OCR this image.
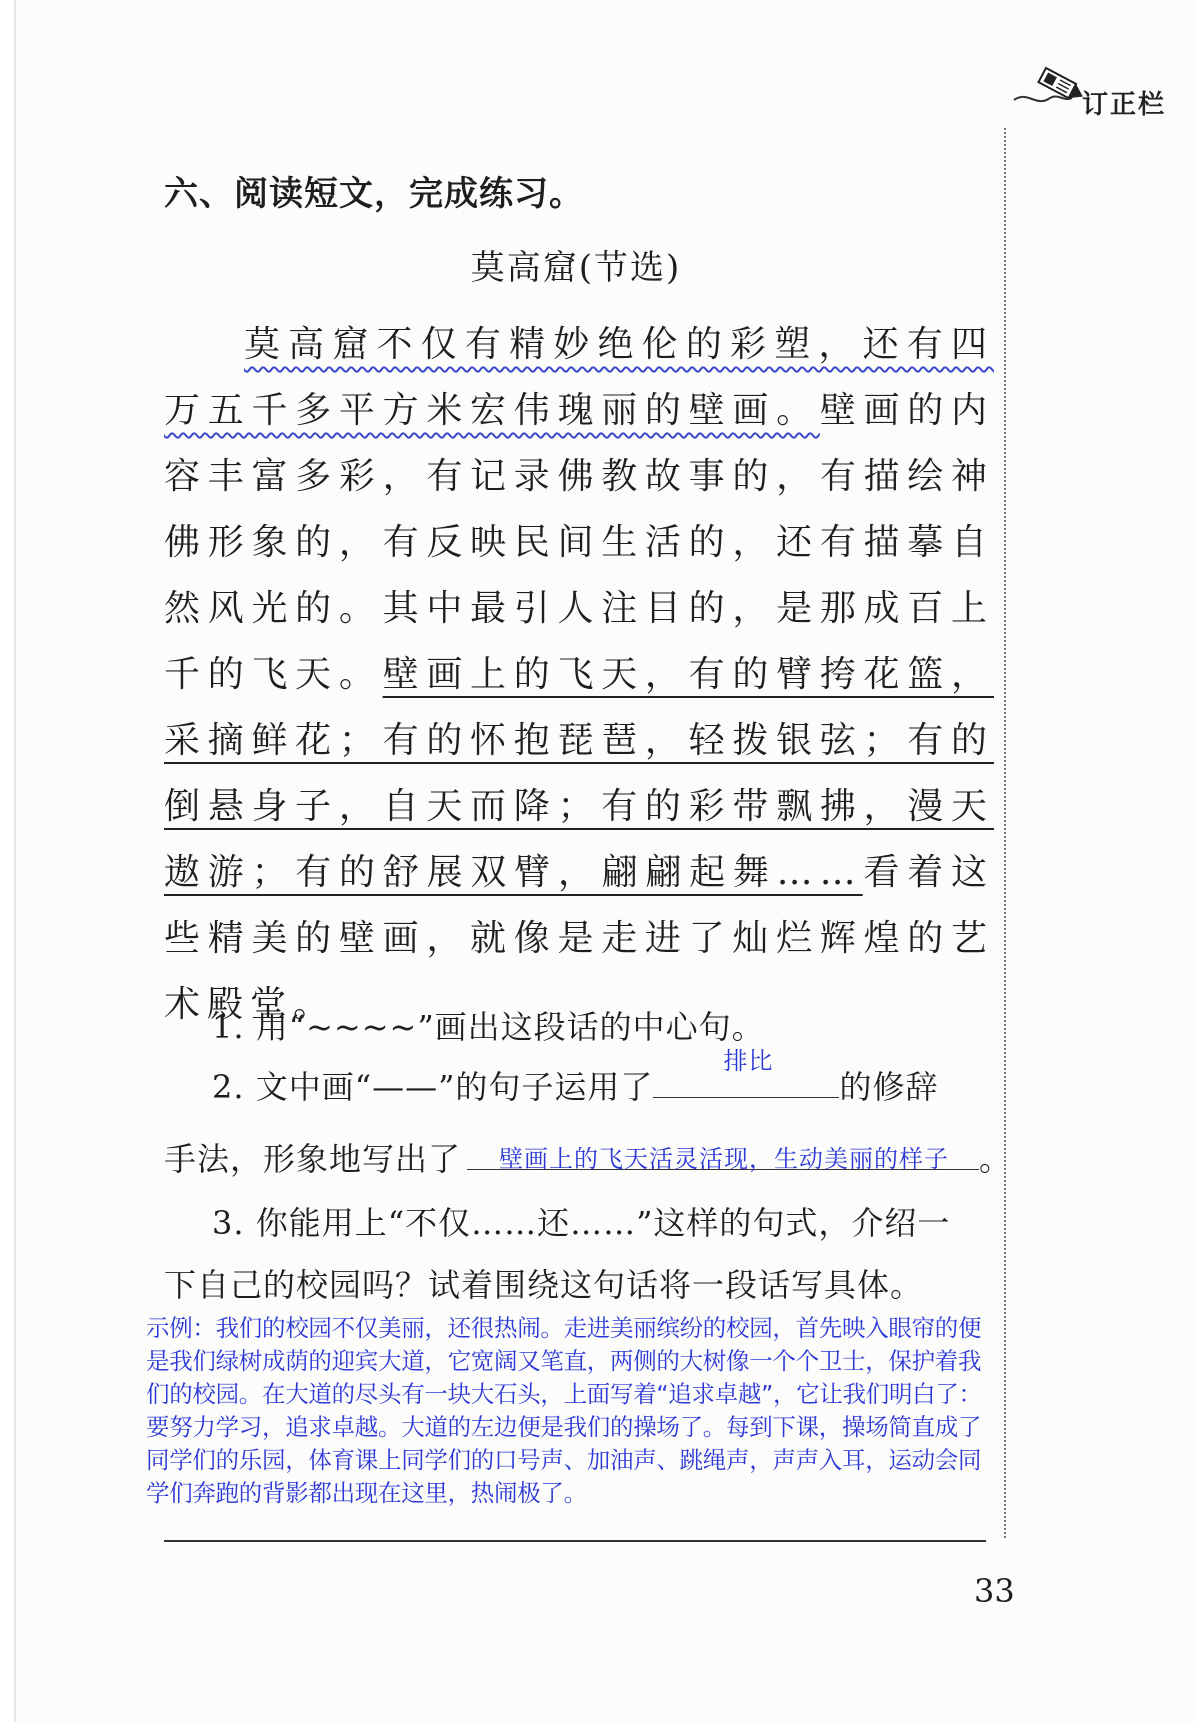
订正栏
六、阅读短文，完成练习。
莫高窟(节选)
莫高窟不仅有精妙绝伦的彩塑，还有四万五千多平方米宏伟瑰丽的壁画。壁画的内容丰富多彩，有记录佛教故事的，有描绘神佛形象的，有反映民间生活的，还有描摹自然风光的。其中最引人注目的，是那成百上千的飞天。壁画上的飞天，有的臂挎花篮，采摘鲜花；有的怀抱琵琶，轻拨银弦；有的倒悬身子，自天而降；有的彩带飘拂，漫天遨游；有的舒展双臂，翩翩起舞……看着这些精美的壁画，就像是走进了灿烂辉煌的艺术殿堂。
1. 用“~~~~”画出这段话的中心句。
2. 文中画“——”的句子运用了
排比
的修辞
手法，形象地写出了 壁画上的飞天活灵活现，生动美丽的样子 。
3. 你能用上“不仅……还……”这样的句式，介绍一
下自己的校园吗？试着围绕这句话将一段话写具体。
示例：我们的校园不仅美丽，还很热闹。走进美丽缤纷的校园，首先映入眼帘的便是我们绿树成荫的迎宾大道，它宽阔又笔直，两侧的大树像一个个卫士，保护着我们的校园。在大道的尽头有一块大石头，上面写着“追求卓越”，它让我们明白了：要努力学习，追求卓越。大道的左边便是我们的操场了。每到下课，操场简直成了同学们的乐园，体育课上同学们的口号声、加油声、跳绳声，声声入耳，运动会同学们奔跑的背影都出现在这里，热闹极了。
33
